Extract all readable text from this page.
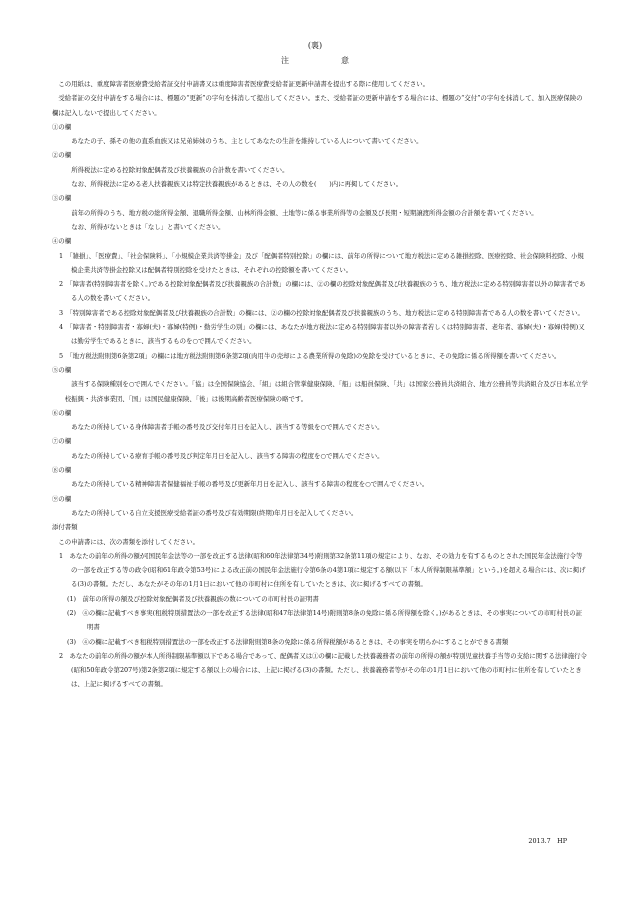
(裏)
注意

この用紙は、重度障害者医療費受給者証交付申請書又は重度障害者医療費受給者証更新申請書を提出する際に使用してください。

受給者証の交付申請をする場合には、標題の“更新”の字句を抹消して提出してください。また、受給者証の更新申請をする場合には、標題の“交付”の字句を抹消して、加入医療保険の欄は記入しないで提出してください。

①の欄

あなたの子、孫その他の直系血族又は兄弟姉妹のうち、主としてあなたの生計を維持している人について書いてください。

②の欄

所得税法に定める控除対象配偶者及び扶養親族の合計数を書いてください。

なお、所得税法に定める老人扶養親族又は特定扶養親族があるときは、その人の数を(　　)内に再掲してください。

③の欄

前年の所得のうち、地方税の総所得金額、退職所得金額、山林所得金額、土地等に係る事業所得等の金額及び長期・短期譲渡所得金額の合計額を書いてください。

なお、所得がないときは「なし」と書いてください。

④の欄

1　「雑損」、「医療費」、「社会保険料」、「小規模企業共済等掛金」及び「配偶者特別控除」の欄には、前年の所得について地方税法に定める雑損控除、医療控除、社会保険料控除、小規模企業共済等掛金控除又は配偶者特別控除を受けたときは、それぞれの控除額を書いてください。

2　「障害者(特別障害者を除く。)である控除対象配偶者及び扶養親族の合計数」の欄には、②の欄の控除対象配偶者及び扶養親族のうち、地方税法に定める特別障害者以外の障害者である人の数を書いてください。

3　「特別障害者である控除対象配偶者及び扶養親族の合計数」の欄には、②の欄の控除対象配偶者及び扶養親族のうち、地方税法に定める特別障害者である人の数を書いてください。

4　「障害者・特別障害者・寡婦(夫)・寡婦(特例)・勤労学生の別」の欄には、あなたが地方税法に定める特別障害者以外の障害者若しくは特別障害者、老年者、寡婦(夫)・寡婦(特例)又は勤労学生であるときに、該当するものを○で囲んでください。

5　「地方税法附則第6条第2項」の欄には地方税法附則第6条第2項(肉用牛の売却による農業所得の免除)の免除を受けているときに、その免除に係る所得額を書いてください。

⑤の欄

該当する保険種別を○で囲んでください。「協」は全国保険協会、「組」は組合管掌健康保険、「船」は船員保険、「共」は国家公務員共済組合、地方公務員等共済組合及び日本私立学校振興・共済事業団、「国」は国民健康保険、「後」は後期高齢者医療保険の略です。

⑥の欄

あなたの所持している身体障害者手帳の番号及び交付年月日を記入し、該当する等級を○で囲んでください。

⑦の欄

あなたの所持している療育手帳の番号及び判定年月日を記入し、該当する障害の程度を○で囲んでください。

⑧の欄

あなたの所持している精神障害者保健福祉手帳の番号及び更新年月日を記入し、該当する障害の程度を○で囲んでください。

⑨の欄

あなたの所持している自立支援医療受給者証の番号及び有効期限(終期)年月日を記入してください。

添付書類

この申請書には、次の書類を添付してください。

1　あなたの前年の所得の額が[国民年金法等の一部を改正する法律(昭和60年法律第34号)附則第32条第11項の規定により、なお、その効力を有するものとされた国民年金法施行令等の一部を改正する等の政令(昭和61年政令第53号)による改正前の国民年金法施行令第6条の4第1項に規定する額(以下「本人所得制限基準額」という。)を超える場合には、次に掲げる(3)の書類。ただし、あなたがその年の1月1日において他の市町村に住所を有していたときは、次に掲げるすべての書類。

(1)　前年の所得の額及び控除対象配偶者及び扶養親族の数についての市町村長の証明書

(2)　④の欄に記載すべき事実(租税特別措置法の一部を改正する法律(昭和47年法律第14号)附則第8条の免除に係る所得額を除く。)があるときは、その事実についての市町村長の証明書

(3)　④の欄に記載すべき租税特別措置法の一部を改正する法律附則第8条の免除に係る所得税額があるときは、その事実を明らかにすることができる書類

2　あなたの前年の所得の額が本人所得制限基準額以下である場合であって、配偶者又は①の欄に記載した扶養義務者の前年の所得の額が特別児童扶養手当等の支給に関する法律施行令(昭和50年政令第207号)第2条第2項に規定する額以上の場合には、上記に掲げる(3)の書類。ただし、扶養義務者等がその年の1月1日において他の市町村に住所を有していたときは、上記に掲げるすべての書類。

2013.7　HP
